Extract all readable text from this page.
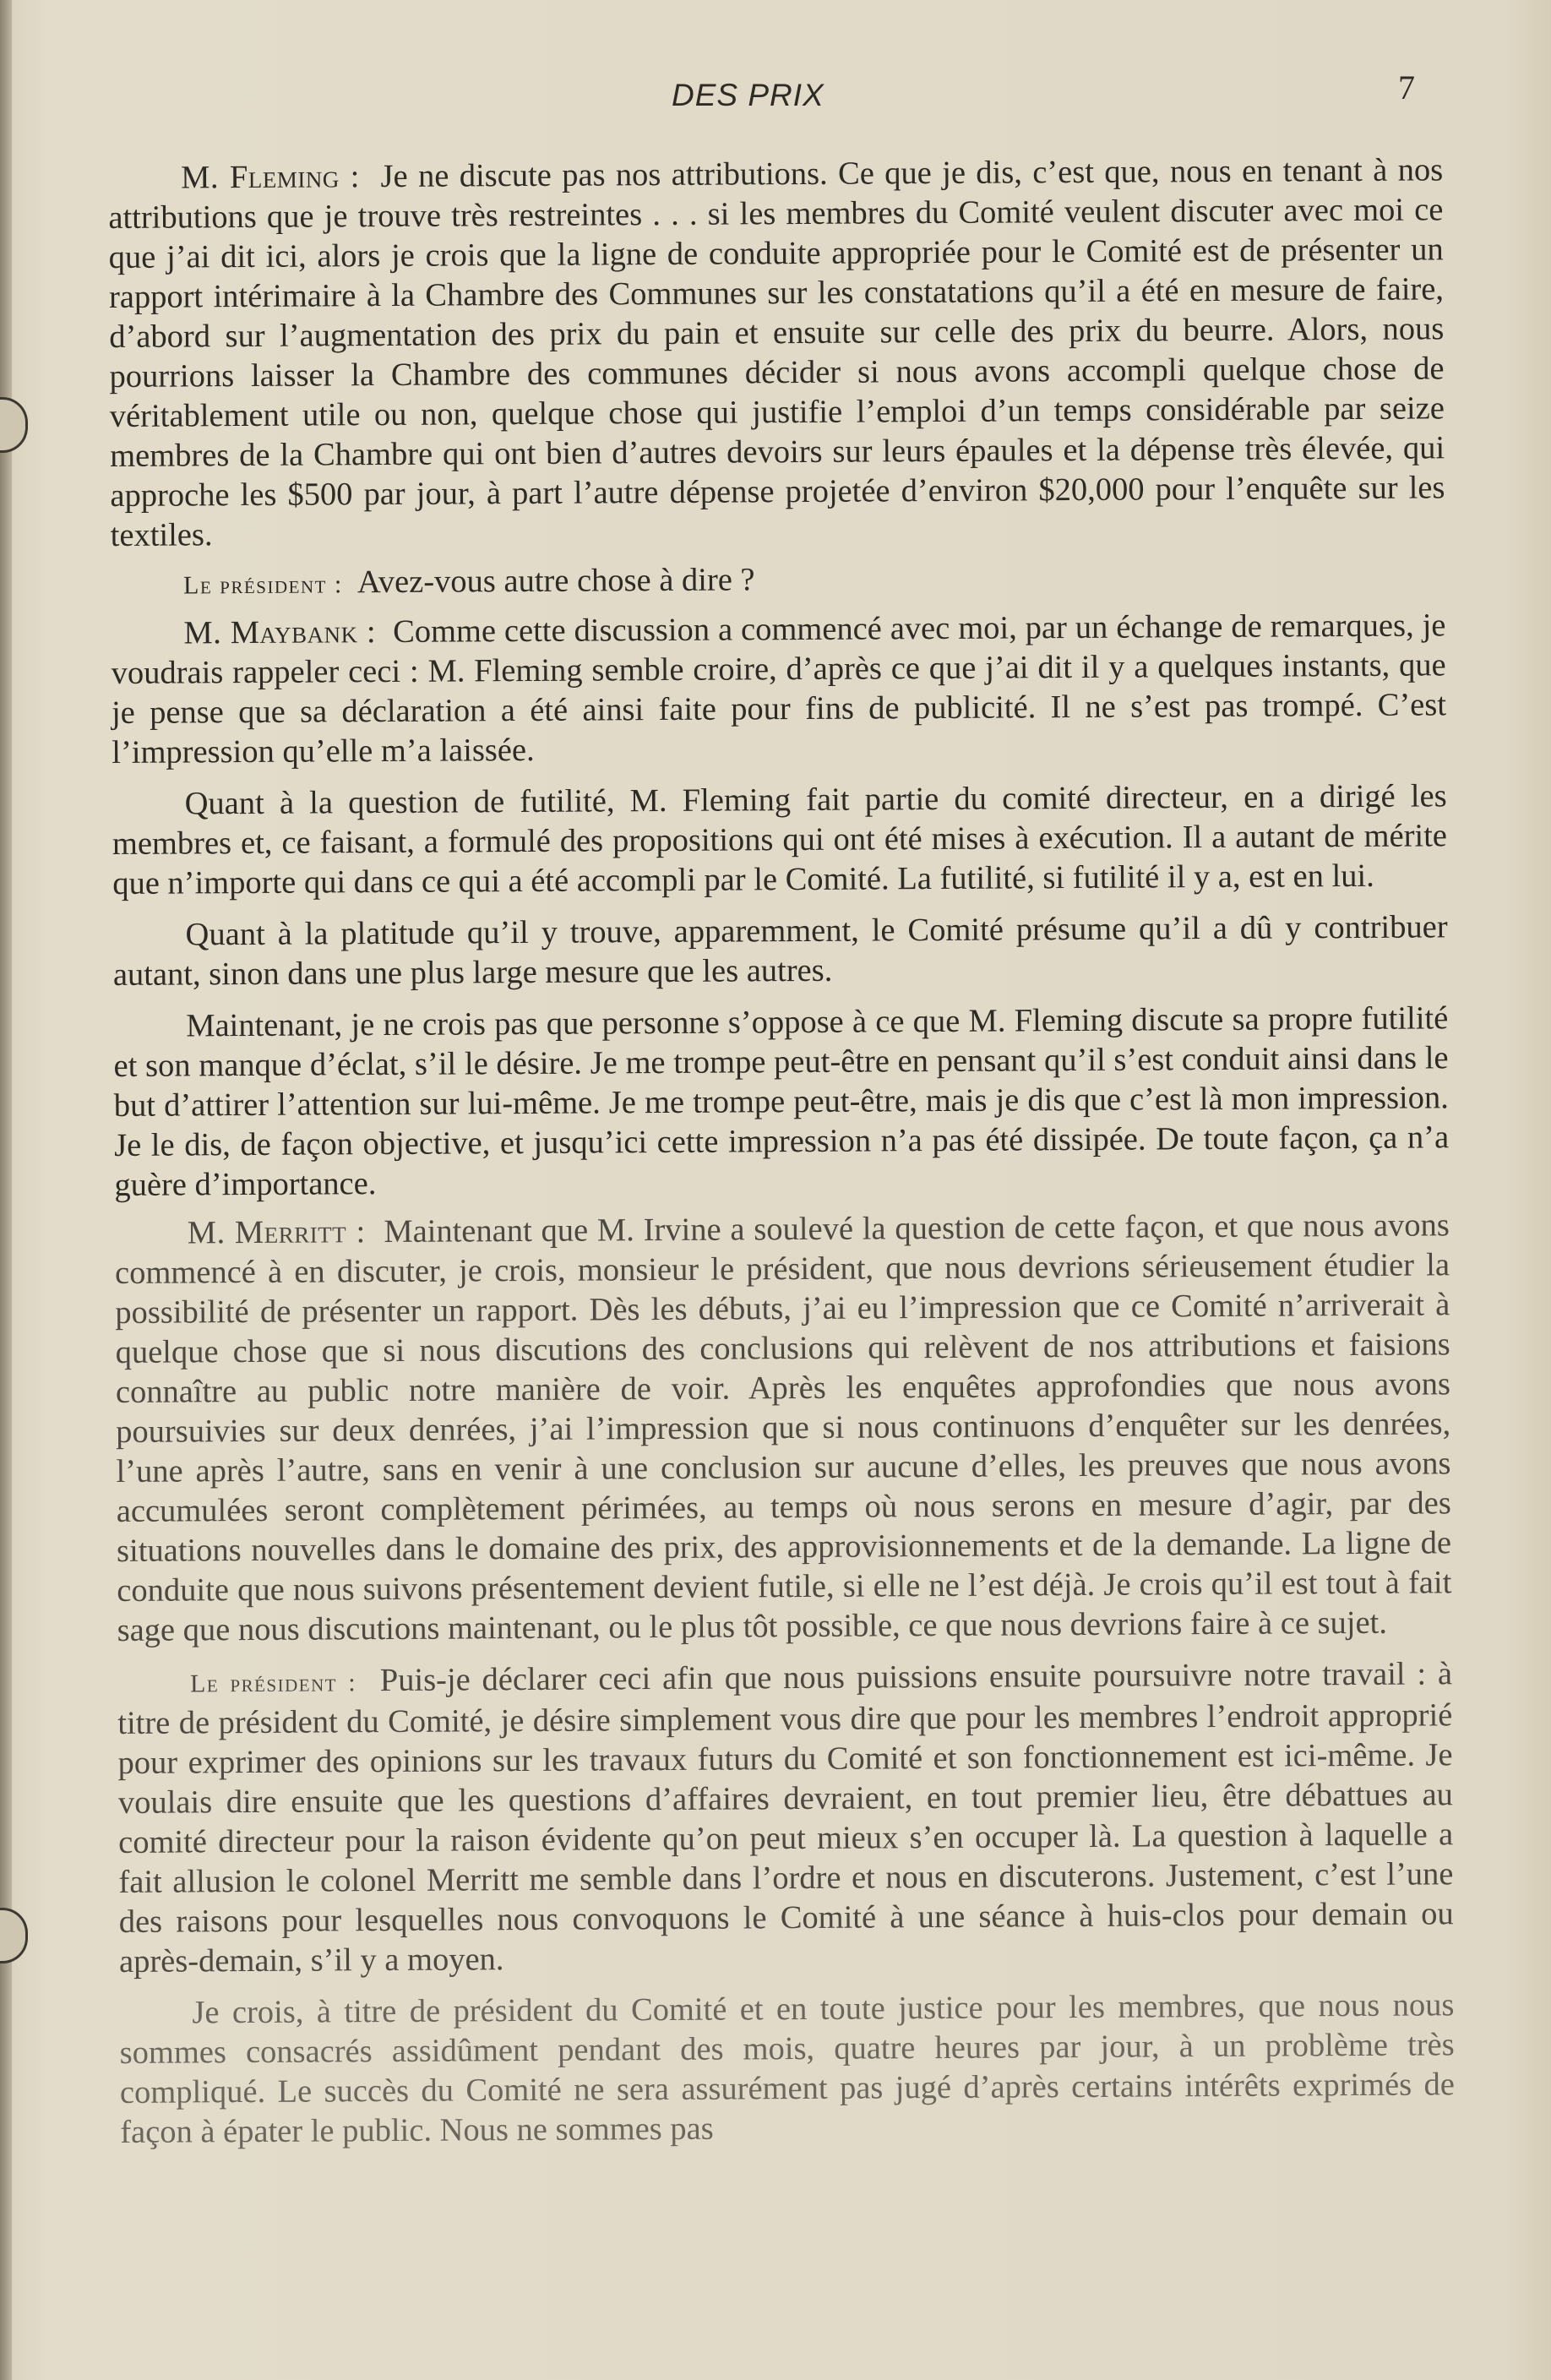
DES PRIX	7

M. Fleming : Je ne discute pas nos attributions. Ce que je dis, c’est que, nous en tenant à nos attributions que je trouve très restreintes . . . si les membres du Comité veulent discuter avec moi ce que j’ai dit ici, alors je crois que la ligne de conduite appropriée pour le Comité est de présenter un rapport intérimaire à la Chambre des Communes sur les constatations qu’il a été en mesure de faire, d’abord sur l’augmentation des prix du pain et ensuite sur celle des prix du beurre. Alors, nous pourrions laisser la Chambre des communes décider si nous avons accompli quelque chose de véritablement utile ou non, quelque chose qui justifie l’emploi d’un temps considérable par seize membres de la Chambre qui ont bien d’autres devoirs sur leurs épaules et la dépense très élevée, qui approche les $500 par jour, à part l’autre dépense projetée d’environ $20,000 pour l’enquête sur les textiles.

Le président : Avez-vous autre chose à dire ?

M. Maybank : Comme cette discussion a commencé avec moi, par un échange de remarques, je voudrais rappeler ceci : M. Fleming semble croire, d’après ce que j’ai dit il y a quelques instants, que je pense que sa déclaration a été ainsi faite pour fins de publicité. Il ne s’est pas trompé. C’est l’impression qu’elle m’a laissée.

Quant à la question de futilité, M. Fleming fait partie du comité directeur, en a dirigé les membres et, ce faisant, a formulé des propositions qui ont été mises à exécution. Il a autant de mérite que n’importe qui dans ce qui a été accompli par le Comité. La futilité, si futilité il y a, est en lui.

Quant à la platitude qu’il y trouve, apparemment, le Comité présume qu’il a dû y contribuer autant, sinon dans une plus large mesure que les autres.

Maintenant, je ne crois pas que personne s’oppose à ce que M. Fleming discute sa propre futilité et son manque d’éclat, s’il le désire. Je me trompe peut-être en pensant qu’il s’est conduit ainsi dans le but d’attirer l’attention sur lui-même. Je me trompe peut-être, mais je dis que c’est là mon impression. Je le dis, de façon objective, et jusqu’ici cette impression n’a pas été dissipée. De toute façon, ça n’a guère d’importance.

M. Merritt : Maintenant que M. Irvine a soulevé la question de cette façon, et que nous avons commencé à en discuter, je crois, monsieur le président, que nous devrions sérieusement étudier la possibilité de présenter un rapport. Dès les débuts, j’ai eu l’impression que ce Comité n’arriverait à quelque chose que si nous discutions des conclusions qui relèvent de nos attributions et faisions connaître au public notre manière de voir. Après les enquêtes approfondies que nous avons poursuivies sur deux denrées, j’ai l’impression que si nous continuons d’enquêter sur les denrées, l’une après l’autre, sans en venir à une conclusion sur aucune d’elles, les preuves que nous avons accumulées seront complètement périmées, au temps où nous serons en mesure d’agir, par des situations nouvelles dans le domaine des prix, des approvisionnements et de la demande. La ligne de conduite que nous suivons présentement devient futile, si elle ne l’est déjà. Je crois qu’il est tout à fait sage que nous discutions maintenant, ou le plus tôt possible, ce que nous devrions faire à ce sujet.

Le président : Puis-je déclarer ceci afin que nous puissions ensuite poursuivre notre travail : à titre de président du Comité, je désire simplement vous dire que pour les membres l’endroit approprié pour exprimer des opinions sur les travaux futurs du Comité et son fonctionnement est ici-même. Je voulais dire ensuite que les questions d’affaires devraient, en tout premier lieu, être débattues au comité directeur pour la raison évidente qu’on peut mieux s’en occuper là. La question à laquelle a fait allusion le colonel Merritt me semble dans l’ordre et nous en discuterons. Justement, c’est l’une des raisons pour lesquelles nous convoquons le Comité à une séance à huis-clos pour demain ou après-demain, s’il y a moyen.

Je crois, à titre de président du Comité et en toute justice pour les membres, que nous nous sommes consacrés assidûment pendant des mois, quatre heures par jour, à un problème très compliqué. Le succès du Comité ne sera assurément pas jugé d’après certains intérêts exprimés de façon à épater le public. Nous ne sommes pas
